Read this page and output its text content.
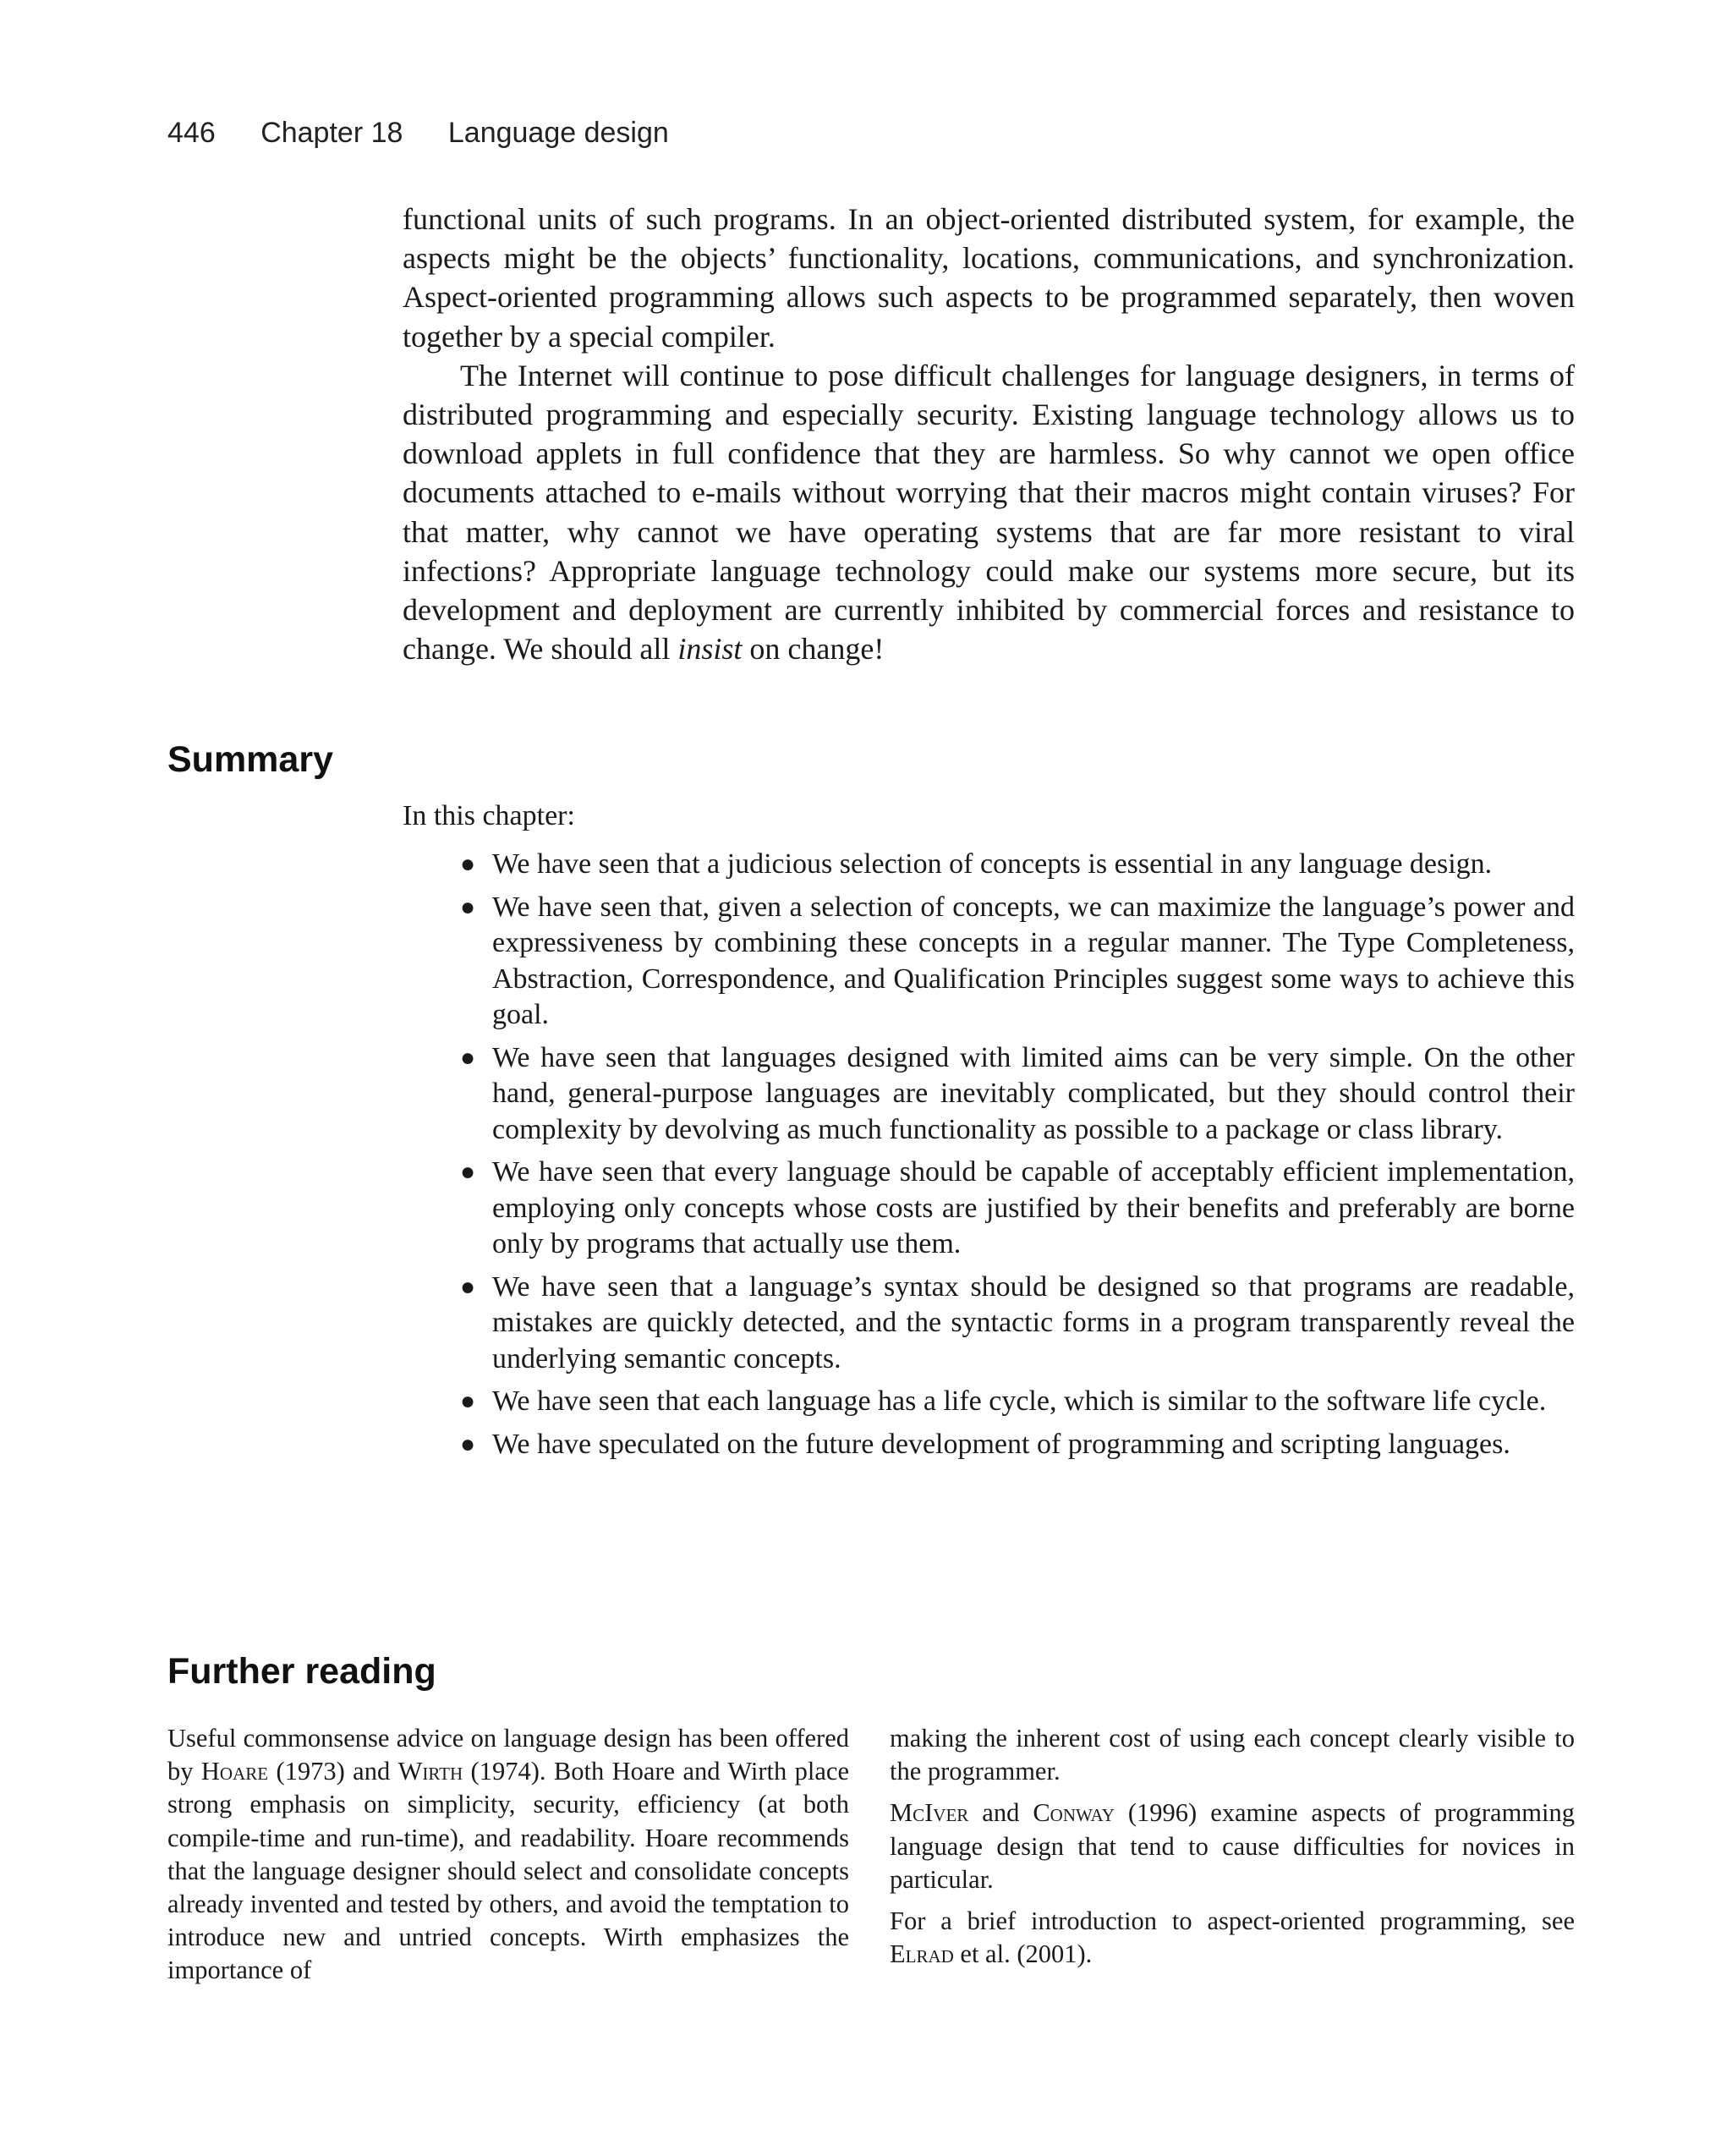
446 Chapter 18 Language design

functional units of such programs. In an object-oriented distributed system, for example, the aspects might be the objects’ functionality, locations, communications, and synchronization. Aspect-oriented programming allows such aspects to be programmed separately, then woven together by a special compiler.

The Internet will continue to pose difficult challenges for language designers, in terms of distributed programming and especially security. Existing language technology allows us to download applets in full confidence that they are harmless. So why cannot we open office documents attached to e-mails without worrying that their macros might contain viruses? For that matter, why cannot we have operating systems that are far more resistant to viral infections? Appropriate language technology could make our systems more secure, but its development and deployment are currently inhibited by commercial forces and resistance to change. We should all insist on change!

Summary
In this chapter:
● We have seen that a judicious selection of concepts is essential in any language design.
● We have seen that, given a selection of concepts, we can maximize the language’s power and expressiveness by combining these concepts in a regular manner. The Type Completeness, Abstraction, Correspondence, and Qualification Principles suggest some ways to achieve this goal.
● We have seen that languages designed with limited aims can be very simple. On the other hand, general-purpose languages are inevitably complicated, but they should control their complexity by devolving as much functionality as possible to a package or class library.
● We have seen that every language should be capable of acceptably efficient implementation, employing only concepts whose costs are justified by their benefits and preferably are borne only by programs that actually use them.
● We have seen that a language’s syntax should be designed so that programs are readable, mistakes are quickly detected, and the syntactic forms in a program transparently reveal the underlying semantic concepts.
● We have seen that each language has a life cycle, which is similar to the software life cycle.
● We have speculated on the future development of programming and scripting languages.
Further reading

Useful commonsense advice on language design has been offered by Hoare (1973) and Wirth (1974). Both Hoare and Wirth place strong emphasis on simplicity, security, efficiency (at both compile-time and run-time), and readability. Hoare recommends that the language designer should select and consolidate concepts already invented and tested by others, and avoid the temptation to introduce new and untried concepts. Wirth emphasizes the importance of

making the inherent cost of using each concept clearly visible to the programmer.

McIver and Conway (1996) examine aspects of programming language design that tend to cause difficulties for novices in particular.

For a brief introduction to aspect-oriented programming, see Elrad et al. (2001).
